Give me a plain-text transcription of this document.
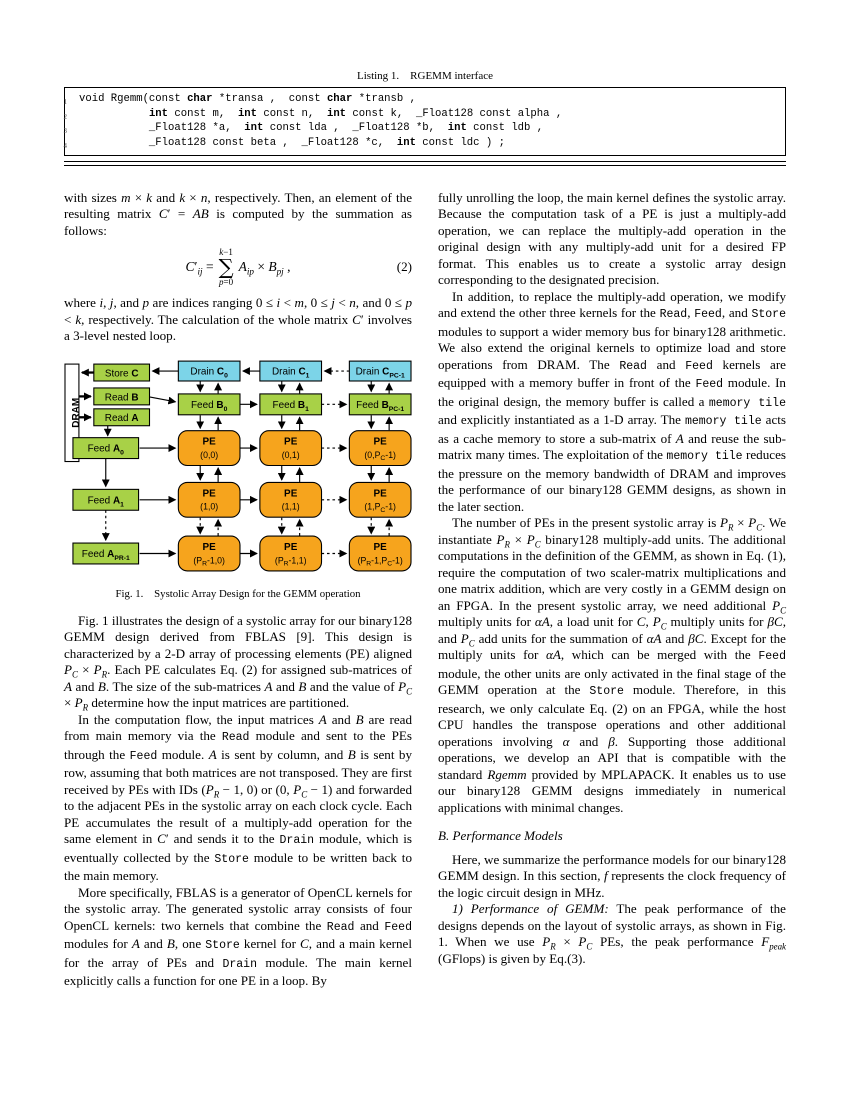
Listing 1. RGEMM interface
1 void Rgemm(const char *transa ,  const char *transb ,
2	int const m,  int const n,  int const k,  _Float128 const alpha ,
3 _Float128 *a,  int const lda ,  _Float128 *b,  int const ldb ,
4 _Float128 const beta ,  _Float128 *c,  int const ldc ) ;

with sizes m × k and k × n, respectively. Then, an element of the resulting matrix C′ = AB is computed by the summation as follows:

$C'_{ij}$ =
k−1
∑
p=0
$A_{ip} \times B_{pj}$ ,	(2)

where i, j, and p are indices ranging 0 ≤ i < m, 0 ≤ j < n, and 0 ≤ p < k, respectively. The calculation of the whole matrix C′ involves a 3-level nested loop.

DRAM
Store C
Read B
Read A
Drain $C_0$	Drain $C_1$	Drain $C_{PC-1}$
Feed $B_0$	Feed $B_1$	Feed $B_{PC-1}$
Feed $A_0$
Feed $A_1$
Feed $A_{PR-1}$
PE
(0,0)
PE
(0,1)
PE
$(0,P_C-1)$
PE
(1,0)
PE
(1,1)
PE
$(1,P_C-1)$
PE
$(P_R-1,0)$
PE
$(P_R-1,1)$
PE
$(P_R-1,P_C-1)$
Fig. 1. Systolic Array Design for the GEMM operation

Fig. 1 illustrates the design of a systolic array for our binary128 GEMM design derived from FBLAS [9]. This design is characterized by a 2-D array of processing elements (PE) aligned $P_C \times P_R$. Each PE calculates Eq. (2) for assigned sub-matrices of A and B. The size of the sub-matrices A and B and the value of $P_C \times P_R$ determine how the input matrices are partitioned.

In the computation flow, the input matrices A and B are read from main memory via the Read module and sent to the PEs through the Feed module. A is sent by column, and B is sent by row, assuming that both matrices are not transposed. They are first received by PEs with IDs ($P_R - 1$, 0) or (0, $P_C - 1$) and forwarded to the adjacent PEs in the systolic array on each clock cycle. Each PE accumulates the result of a multiply-add operation for the same element in C′ and sends it to the Drain module, which is eventually collected by the Store module to be written back to the main memory.

More specifically, FBLAS is a generator of OpenCL kernels for the systolic array. The generated systolic array consists of four OpenCL kernels: two kernels that combine the Read and Feed modules for A and B, one Store kernel for C, and a main kernel for the array of PEs and Drain module. The main kernel explicitly calls a function for one PE in a loop. By

fully unrolling the loop, the main kernel defines the systolic array. Because the computation task of a PE is just a multiply-add operation, we can replace the multiply-add operation in the original design with any multiply-add unit for a desired FP format. This enables us to create a systolic array design corresponding to the designated precision.

In addition, to replace the multiply-add operation, we modify and extend the other three kernels for the Read, Feed, and Store modules to support a wider memory bus for binary128 arithmetic. We also extend the original kernels to optimize load and store operations from DRAM. The Read and Feed kernels are equipped with a memory buffer in front of the Feed module. In the original design, the memory buffer is called a memory tile and explicitly instantiated as a 1-D array. The memory tile acts as a cache memory to store a sub-matrix of A and reuse the sub-matrix many times. The exploitation of the memory tile reduces the pressure on the memory bandwidth of DRAM and improves the performance of our binary128 GEMM designs, as shown in the later section.

The number of PEs in the present systolic array is $P_R \times P_C$. We instantiate $P_R \times P_C$ binary128 multiply-add units. The additional computations in the definition of the GEMM, as shown in Eq. (1), require the computation of two scaler-matrix multiplications and one matrix addition, which are very costly in a GEMM design on an FPGA. In the present systolic array, we need additional $P_C$ multiply units for αA, a load unit for C, $P_C$ multiply units for βC, and $P_C$ add units for the summation of αA and βC. Except for the multiply units for αA, which can be merged with the Feed module, the other units are only activated in the final stage of the GEMM operation at the Store module. Therefore, in this research, we only calculate Eq. (2) on an FPGA, while the host CPU handles the transpose operations and other additional operations involving α and β. Supporting those additional operations, we develop an API that is compatible with the standard Rgemm provided by MPLAPACK. It enables us to use our binary128 GEMM designs immediately in numerical applications with minimal changes.

B. Performance Models

Here, we summarize the performance models for our binary128 GEMM design. In this section, f represents the clock frequency of the logic circuit design in MHz.

1) Performance of GEMM: The peak performance of the designs depends on the layout of systolic arrays, as shown in Fig. 1. When we use $P_R \times P_C$ PEs, the peak performance $F_{peak}$ (GFlops) is given by Eq.(3).
